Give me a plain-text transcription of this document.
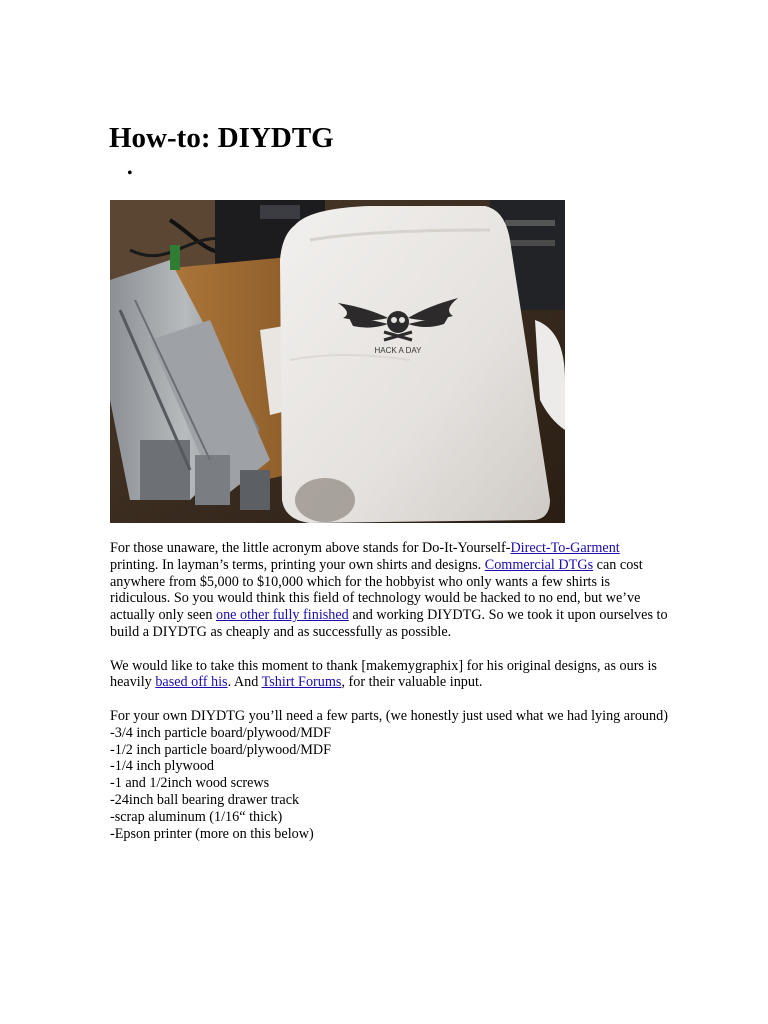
How-to: DIYDTG
•
HACK A DAY

For those unaware, the little acronym above stands for Do-It-Yourself-Direct-To-Garment printing. In layman’s terms, printing your own shirts and designs. Commercial DTGs can cost anywhere from $5,000 to $10,000 which for the hobbyist who only wants a few shirts is ridiculous. So you would think this field of technology would be hacked to no end, but we’ve actually only seen one other fully finished and working DIYDTG. So we took it upon ourselves to build a DIYDTG as cheaply and as successfully as possible.

We would like to take this moment to thank [makemygraphix] for his original designs, as ours is heavily based off his. And Tshirt Forums, for their valuable input.

For your own DIYDTG you’ll need a few parts, (we honestly just used what we had lying around)
-3/4 inch particle board/plywood/MDF
-1/2 inch particle board/plywood/MDF
-1/4 inch plywood
-1 and 1/2inch wood screws
-24inch ball bearing drawer track
-scrap aluminum (1/16“ thick)
-Epson printer (more on this below)
